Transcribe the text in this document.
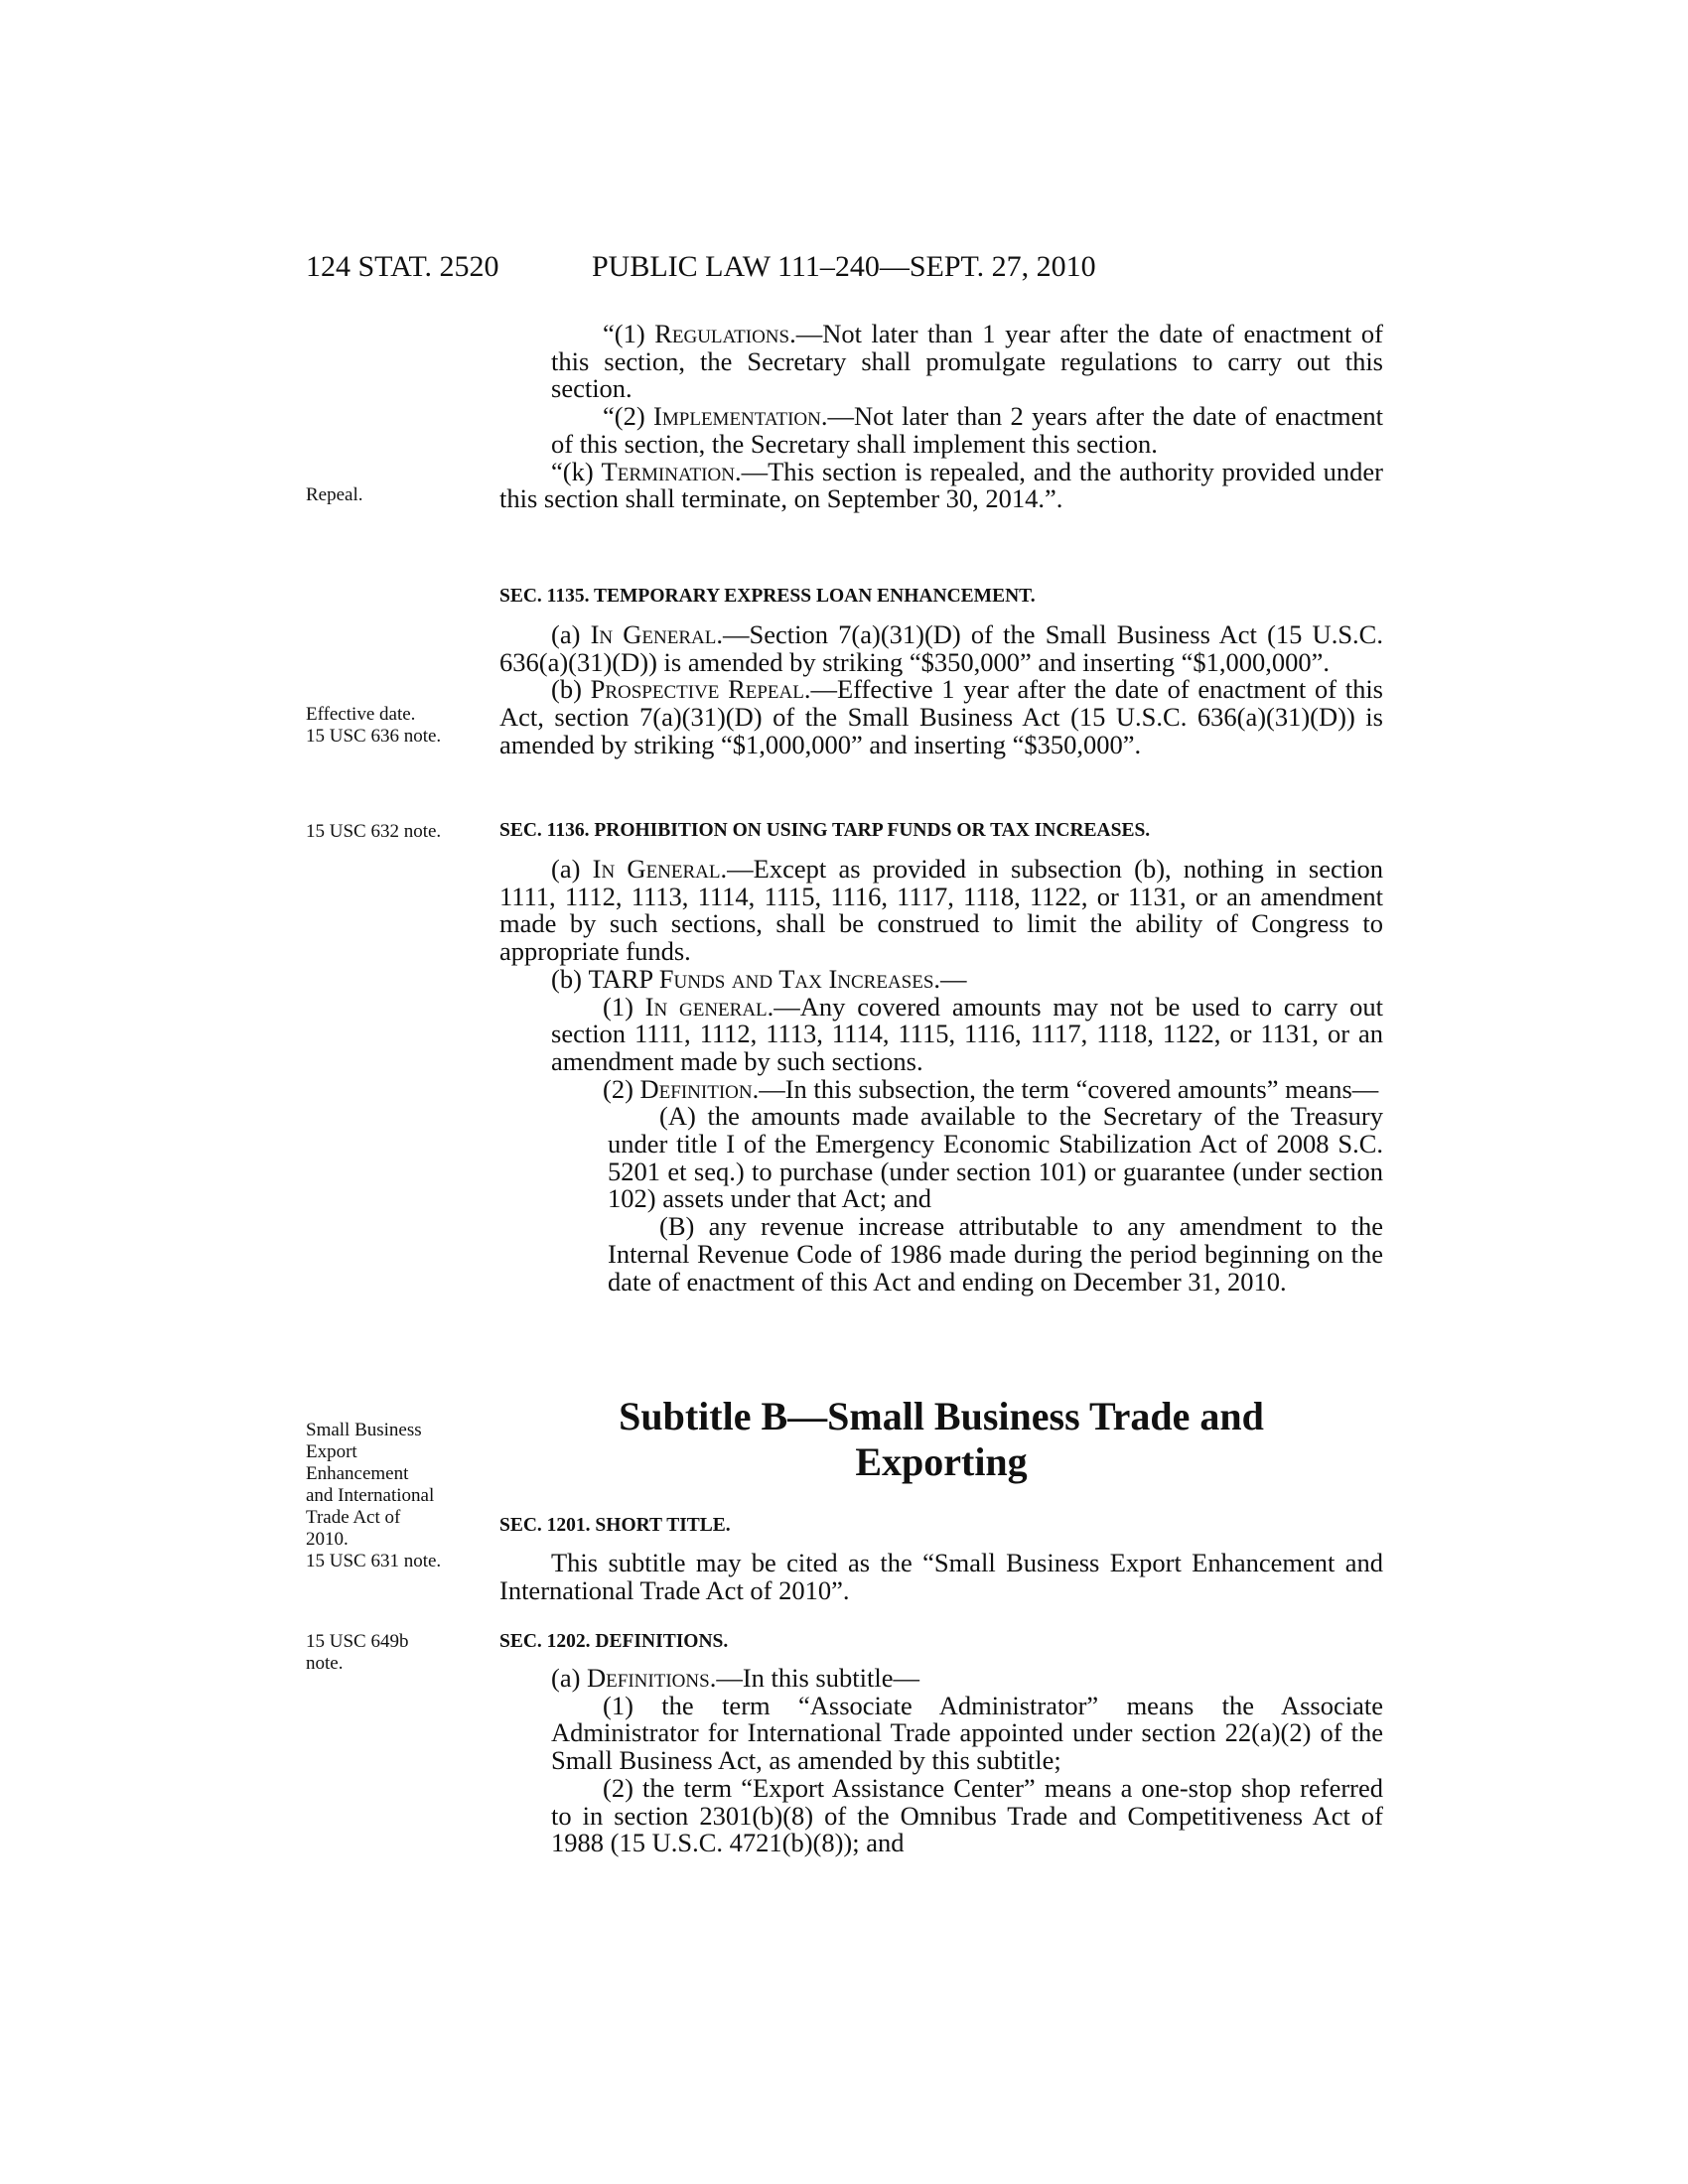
124 STAT. 2520	PUBLIC LAW 111–240—SEPT. 27, 2010
Repeal.
Effective date.
15 USC 636 note.
15 USC 632 note.
Small Business
Export
Enhancement
and International
Trade Act of
2010.
15 USC 631 note.
15 USC 649b
note.

“(1) Regulations.—Not later than 1 year after the date of enactment of this section, the Secretary shall promulgate regulations to carry out this section.

“(2) Implementation.—Not later than 2 years after the date of enactment of this section, the Secretary shall implement this section.

“(k) Termination.—This section is repealed, and the authority provided under this section shall terminate, on September 30, 2014.”.

SEC. 1135. TEMPORARY EXPRESS LOAN ENHANCEMENT.

(a) In General.—Section 7(a)(31)(D) of the Small Business Act (15 U.S.C. 636(a)(31)(D)) is amended by striking “$350,000” and inserting “$1,000,000”.

(b) Prospective Repeal.—Effective 1 year after the date of enactment of this Act, section 7(a)(31)(D) of the Small Business Act (15 U.S.C. 636(a)(31)(D)) is amended by striking “$1,000,000” and inserting “$350,000”.

SEC. 1136. PROHIBITION ON USING TARP FUNDS OR TAX INCREASES.

(a) In General.—Except as provided in subsection (b), nothing in section 1111, 1112, 1113, 1114, 1115, 1116, 1117, 1118, 1122, or 1131, or an amendment made by such sections, shall be construed to limit the ability of Congress to appropriate funds.

(b) TARP Funds and Tax Increases.—

(1) In general.—Any covered amounts may not be used to carry out section 1111, 1112, 1113, 1114, 1115, 1116, 1117, 1118, 1122, or 1131, or an amendment made by such sections.

(2) Definition.—In this subsection, the term “covered amounts” means—

(A) the amounts made available to the Secretary of the Treasury under title I of the Emergency Economic Stabilization Act of 2008 S.C. 5201 et seq.) to purchase (under section 101) or guarantee (under section 102) assets under that Act; and

(B) any revenue increase attributable to any amendment to the Internal Revenue Code of 1986 made during the period beginning on the date of enactment of this Act and ending on December 31, 2010.

Subtitle B—Small Business Trade and
Exporting
SEC. 1201. SHORT TITLE.

This subtitle may be cited as the “Small Business Export Enhancement and International Trade Act of 2010”.

SEC. 1202. DEFINITIONS.

(a) Definitions.—In this subtitle—

(1) the term “Associate Administrator” means the Associate Administrator for International Trade appointed under section 22(a)(2) of the Small Business Act, as amended by this subtitle;

(2) the term “Export Assistance Center” means a one-stop shop referred to in section 2301(b)(8) of the Omnibus Trade and Competitiveness Act of 1988 (15 U.S.C. 4721(b)(8)); and
